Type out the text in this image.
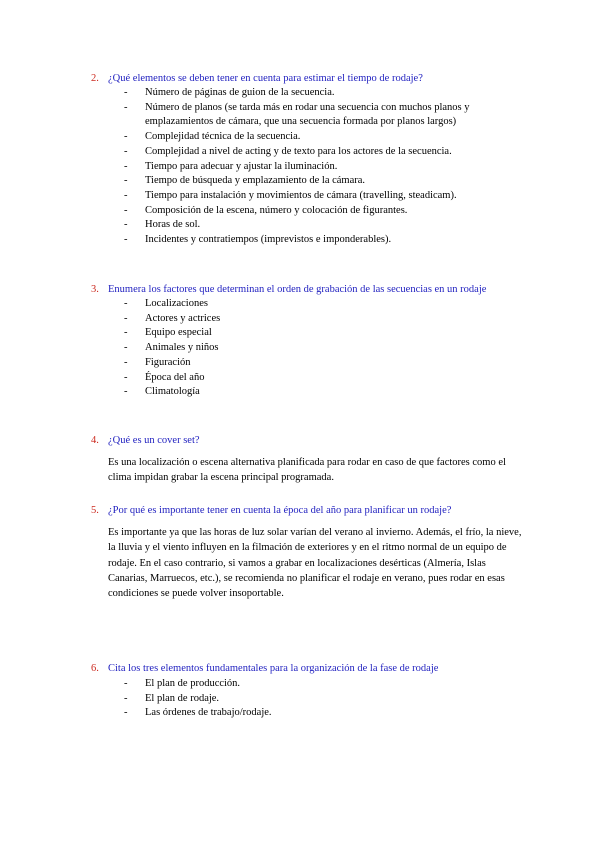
2. ¿Qué elementos se deben tener en cuenta para estimar el tiempo de rodaje?
- Número de páginas de guion de la secuencia.
- Número de planos (se tarda más en rodar una secuencia con muchos planos y emplazamientos de cámara, que una secuencia formada por planos largos)
- Complejidad técnica de la secuencia.
- Complejidad a nivel de acting y de texto para los actores de la secuencia.
- Tiempo para adecuar y ajustar la iluminación.
- Tiempo de búsqueda y emplazamiento de la cámara.
- Tiempo para instalación y movimientos de cámara (travelling, steadicam).
- Composición de la escena, número y colocación de figurantes.
- Horas de sol.
- Incidentes y contratiempos (imprevistos e imponderables).
3. Enumera los factores que determinan el orden de grabación de las secuencias en un rodaje
- Localizaciones
- Actores y actrices
- Equipo especial
- Animales y niños
- Figuración
- Época del año
- Climatología
4. ¿Qué es un cover set?

Es una localización o escena alternativa planificada para rodar en caso de que factores como el clima impidan grabar la escena principal programada.

5. ¿Por qué es importante tener en cuenta la época del año para planificar un rodaje?

Es importante ya que las horas de luz solar varían del verano al invierno. Además, el frío, la nieve, la lluvia y el viento influyen en la filmación de exteriores y en el ritmo normal de un equipo de rodaje. En el caso contrario, si vamos a grabar en localizaciones desérticas (Almería, Islas Canarias, Marruecos, etc.), se recomienda no planificar el rodaje en verano, pues rodar en esas condiciones se puede volver insoportable.

6. Cita los tres elementos fundamentales para la organización de la fase de rodaje
- El plan de producción.
- El plan de rodaje.
- Las órdenes de trabajo/rodaje.
